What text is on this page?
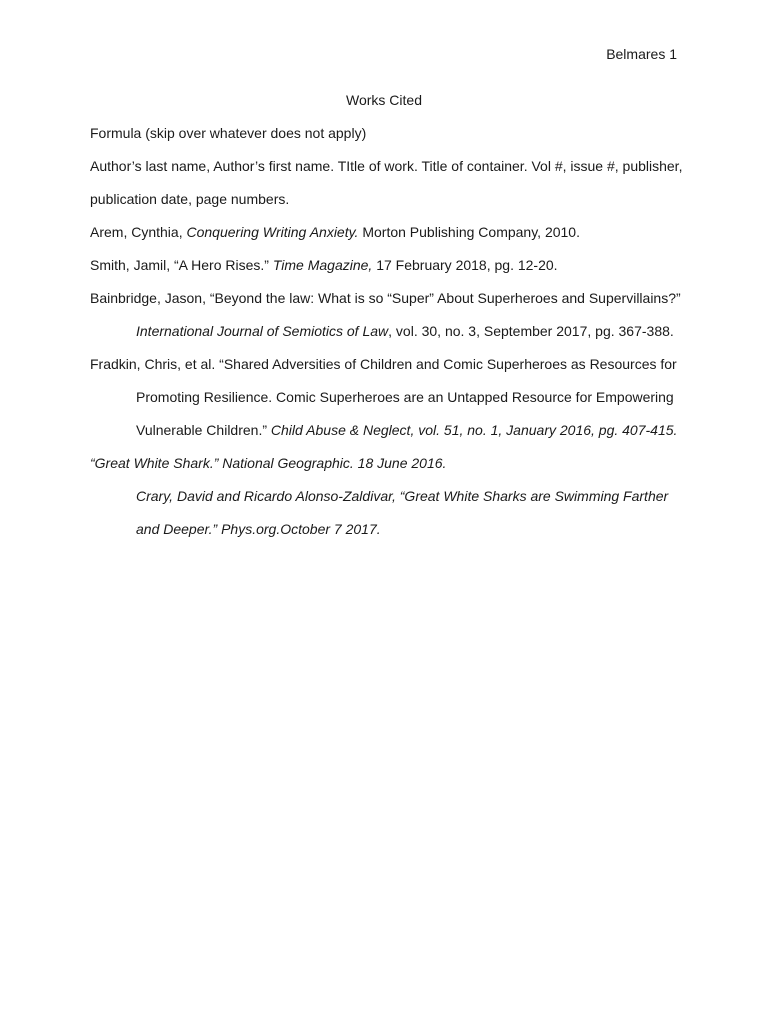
Belmares 1
Works Cited
Formula (skip over whatever does not apply)
Author’s last name, Author’s first name. TItle of work. Title of container. Vol #, issue #, publisher,
publication date, page numbers.
Arem, Cynthia, Conquering Writing Anxiety. Morton Publishing Company, 2010.
Smith, Jamil, “A Hero Rises.” Time Magazine, 17 February 2018, pg. 12-20.
Bainbridge, Jason, “Beyond the law: What is so “Super” About Superheroes and Supervillains?”
International Journal of Semiotics of Law, vol. 30, no. 3, September 2017, pg. 367-388.
Fradkin, Chris, et al. “Shared Adversities of Children and Comic Superheroes as Resources for
Promoting Resilience. Comic Superheroes are an Untapped Resource for Empowering
Vulnerable Children.” Child Abuse & Neglect, vol. 51, no. 1, January 2016, pg. 407-415.
“Great White Shark.” National Geographic. 18 June 2016.
Crary, David and Ricardo Alonso-Zaldivar, “Great White Sharks are Swimming Farther
and Deeper.” Phys.org.October 7 2017.
